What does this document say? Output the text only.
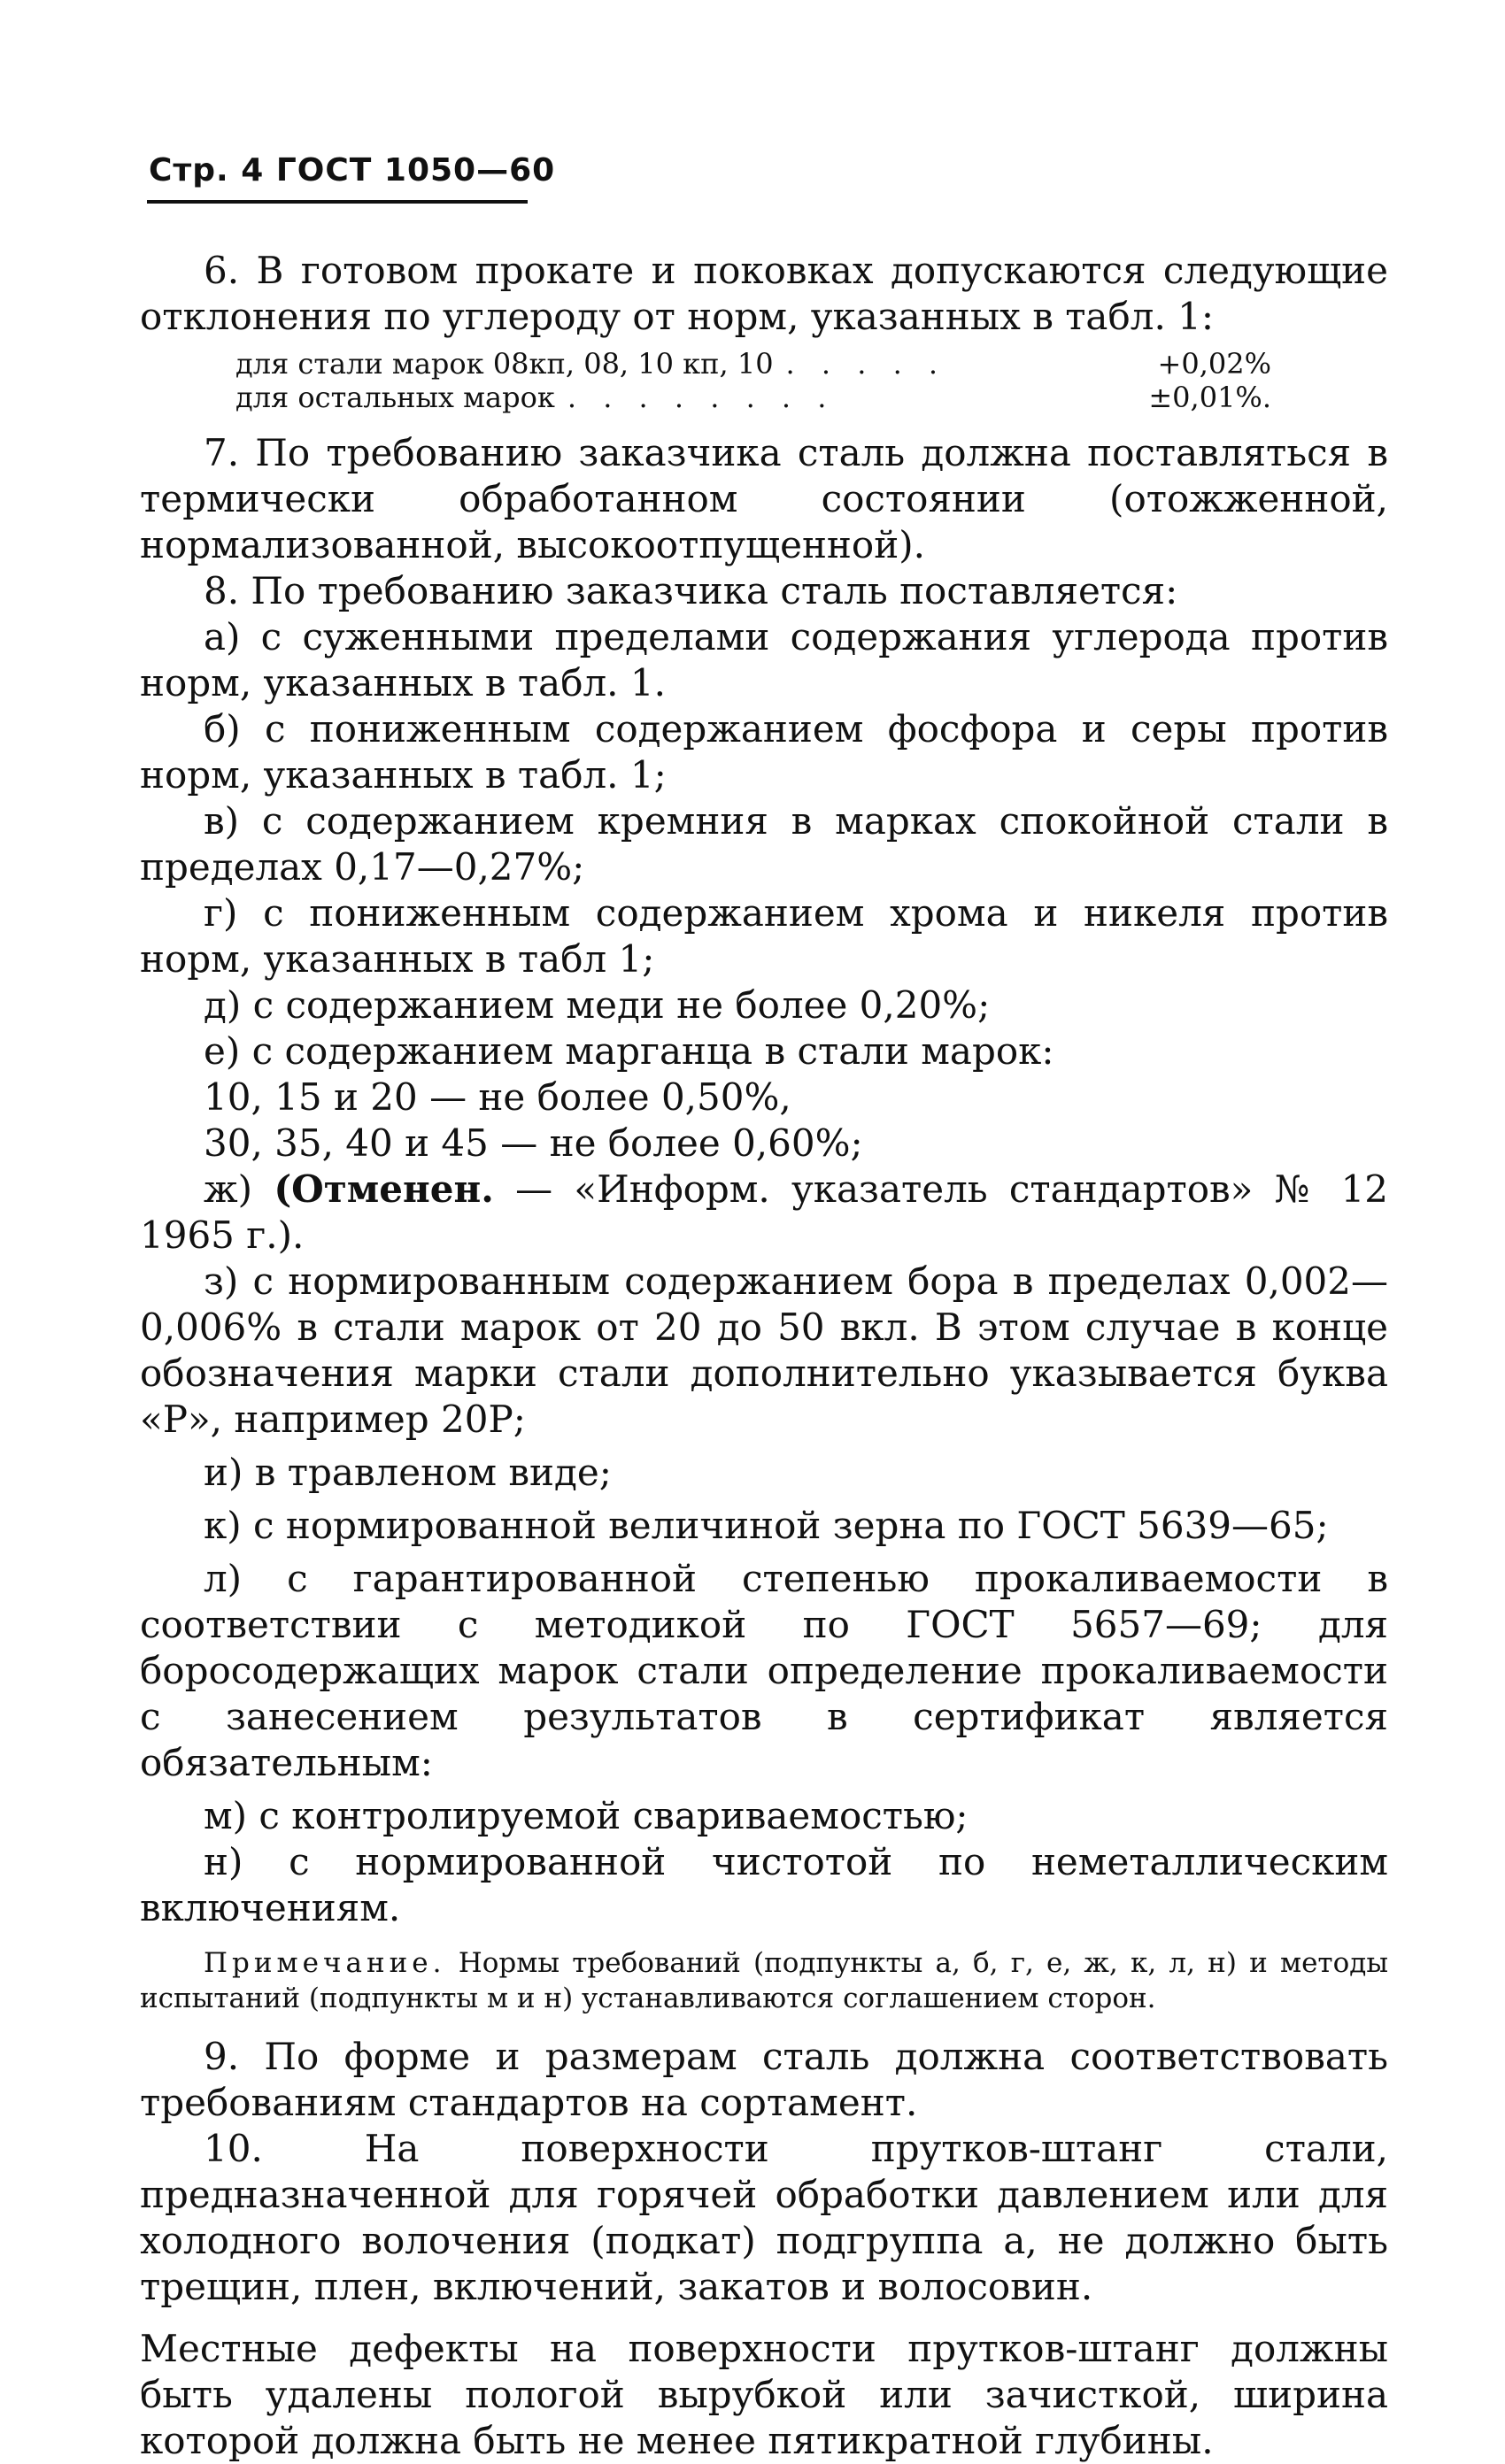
Стр. 4 ГОСТ 1050—60

6. В готовом прокате и поковках допускаются следующие отклонения по углероду от норм, указанных в табл. 1:

для стали марок 08кп, 08, 10 кп, 10 . . . . .	+0,02%
для остальных марок . . . . . . . .	±0,01%.

7. По требованию заказчика сталь должна поставляться в термически обработанном состоянии (отожженной, нормализованной, высокоотпущенной).

8. По требованию заказчика сталь поставляется:

а) с суженными пределами содержания углерода против норм, указанных в табл. 1.

б) с пониженным содержанием фосфора и серы против норм, указанных в табл. 1;

в) с содержанием кремния в марках спокойной стали в пределах 0,17—0,27%;

г) с пониженным содержанием хрома и никеля против норм, указанных в табл 1;

д) с содержанием меди не более 0,20%;

е) с содержанием марганца в стали марок:

10, 15 и 20 — не более 0,50%,

30, 35, 40 и 45 — не более 0,60%;

ж) (Отменен. — «Информ. указатель стандартов» № 12 1965 г.).

з) с нормированным содержанием бора в пределах 0,002—0,006% в стали марок от 20 до 50 вкл. В этом случае в конце обозначения марки стали дополнительно указывается буква «Р», например 20Р;

и) в травленом виде;

к) с нормированной величиной зерна по ГОСТ 5639—65;

л) с гарантированной степенью прокаливаемости в соответствии с методикой по ГОСТ 5657—69; для боросодержащих марок стали определение прокаливаемости с занесением результатов в сертификат является обязательным:

м) с контролируемой свариваемостью;

н) с нормированной чистотой по неметаллическим включениям.

Примечание. Нормы требований (подпункты а, б, г, е, ж, к, л, н) и методы испытаний (подпункты м и н) устанавливаются соглашением сторон.

9. По форме и размерам сталь должна соответствовать требованиям стандартов на сортамент.

10. На поверхности прутков-штанг стали, предназначенной для горячей обработки давлением или для холодного волочения (подкат) подгруппа а, не должно быть трещин, плен, включений, закатов и волосовин.

Местные дефекты на поверхности прутков-штанг должны быть удалены пологой вырубкой или зачисткой, ширина которой должна быть не менее пятикратной глубины.
